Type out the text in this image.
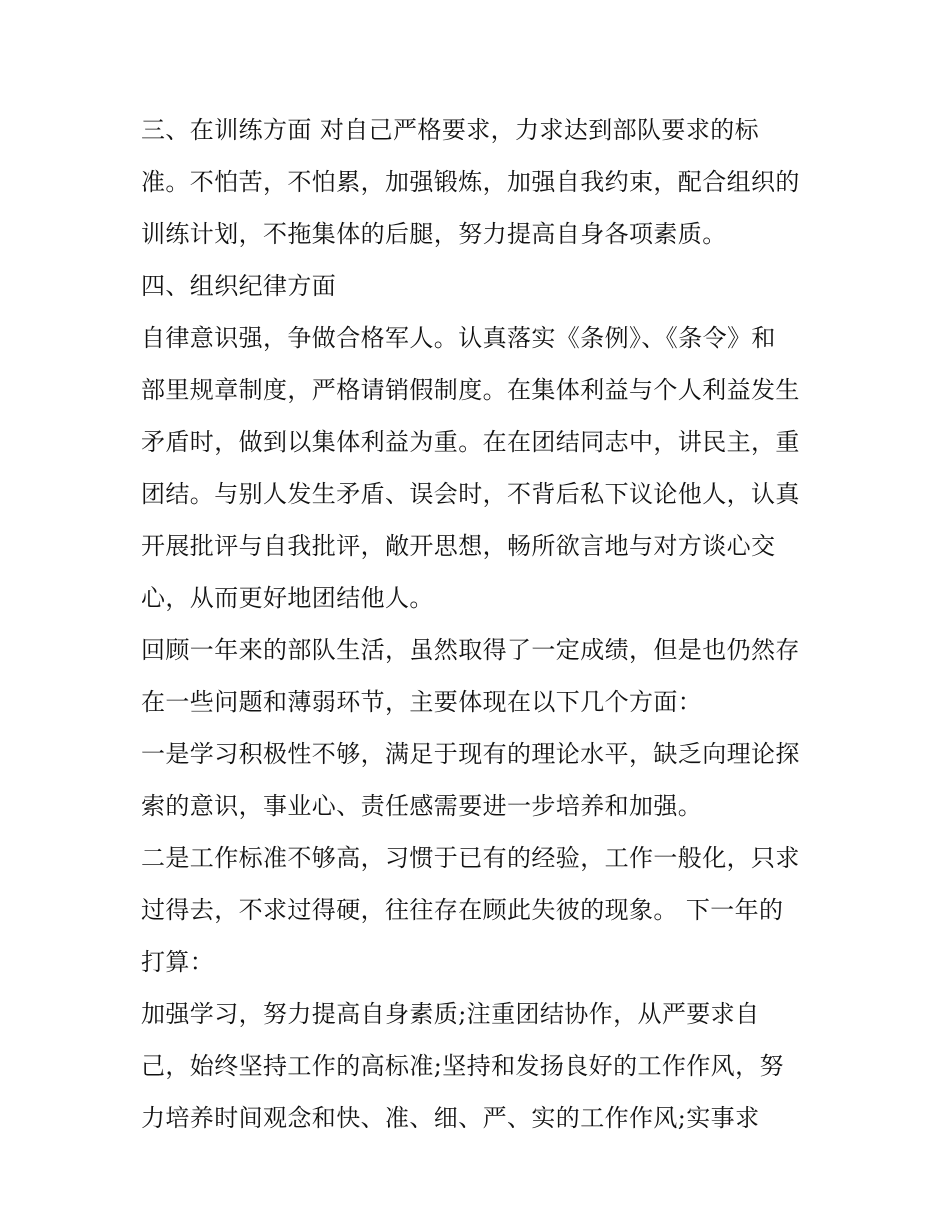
三、在训练方面 对自己严格要求，力求达到部队要求的标
准。不怕苦，不怕累，加强锻炼，加强自我约束，配合组织的
训练计划，不拖集体的后腿，努力提高自身各项素质。
四、组织纪律方面
自律意识强，争做合格军人。认真落实《条例》、《条令》和
部里规章制度，严格请销假制度。在集体利益与个人利益发生
矛盾时，做到以集体利益为重。在在团结同志中，讲民主，重
团结。与别人发生矛盾、误会时，不背后私下议论他人，认真
开展批评与自我批评，敞开思想，畅所欲言地与对方谈心交
心，从而更好地团结他人。
回顾一年来的部队生活，虽然取得了一定成绩，但是也仍然存
在一些问题和薄弱环节，主要体现在以下几个方面：
一是学习积极性不够，满足于现有的理论水平，缺乏向理论探
索的意识，事业心、责任感需要进一步培养和加强。
二是工作标准不够高，习惯于已有的经验，工作一般化，只求
过得去，不求过得硬，往往存在顾此失彼的现象。 下一年的
打算：
加强学习，努力提高自身素质;注重团结协作，从严要求自
己，始终坚持工作的高标准;坚持和发扬良好的工作作风，努
力培养时间观念和快、准、细、严、实的工作作风;实事求
